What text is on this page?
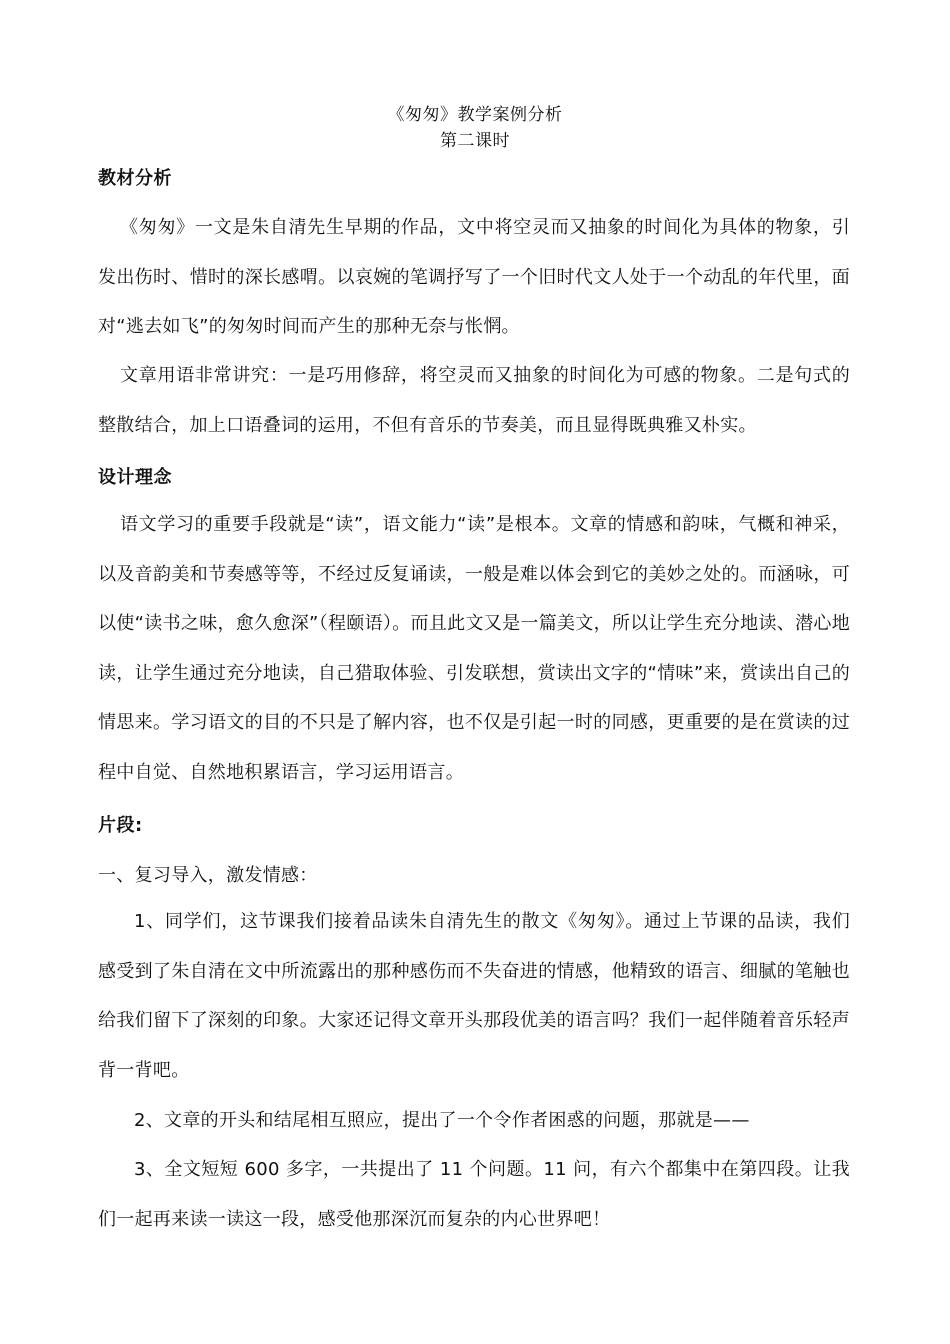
《匆匆》教学案例分析
第二课时
教材分析
《匆匆》一文是朱自清先生早期的作品，文中将空灵而又抽象的时间化为具体的物象，引发出伤时、惜时的深长感喟。以哀婉的笔调抒写了一个旧时代文人处于一个动乱的年代里，面对“逃去如飞”的匆匆时间而产生的那种无奈与怅惘。
文章用语非常讲究：一是巧用修辞，将空灵而又抽象的时间化为可感的物象。二是句式的整散结合，加上口语叠词的运用，不但有音乐的节奏美，而且显得既典雅又朴实。
设计理念
语文学习的重要手段就是“读”，语文能力“读”是根本。文章的情感和韵味，气概和神采，以及音韵美和节奏感等等，不经过反复诵读，一般是难以体会到它的美妙之处的。而涵咏，可以使“读书之味，愈久愈深”（程颐语）。而且此文又是一篇美文，所以让学生充分地读、潜心地读，让学生通过充分地读，自己猎取体验、引发联想，赏读出文字的“情味”来，赏读出自己的情思来。学习语文的目的不只是了解内容，也不仅是引起一时的同感，更重要的是在赏读的过程中自觉、自然地积累语言，学习运用语言。
片段:
一、复习导入，激发情感：
1、同学们，这节课我们接着品读朱自清先生的散文《匆匆》。通过上节课的品读，我们感受到了朱自清在文中所流露出的那种感伤而不失奋进的情感，他精致的语言、细腻的笔触也给我们留下了深刻的印象。大家还记得文章开头那段优美的语言吗？我们一起伴随着音乐轻声背一背吧。
2、文章的开头和结尾相互照应，提出了一个令作者困惑的问题，那就是——
3、全文短短 600 多字，一共提出了 11 个问题。11 问，有六个都集中在第四段。让我们一起再来读一读这一段，感受他那深沉而复杂的内心世界吧！
